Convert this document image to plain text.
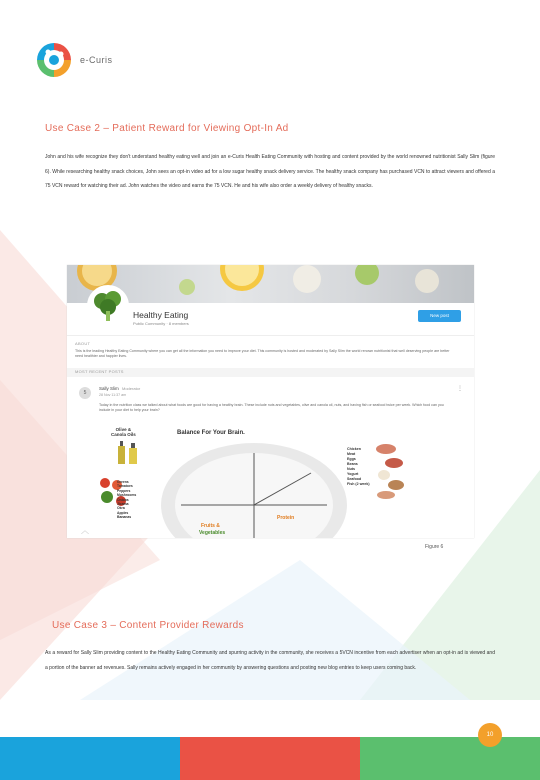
e-Curis
Use Case 2 – Patient Reward for Viewing Opt-In Ad

John and his wife recognize they don't understand healthy eating well and join an e-Curis Health Eating Community with hosting and content provided by the world renowned nutritionist Sally Slim (figure 6). While researching healthy snack choices, John sees an opt-in video ad for a low sugar healthy snack delivery service. The healthy snack company has purchased VCN to attract viewers and offered a 75 VCN reward for watching their ad. John watches the video and earns the 75 VCN. He and his wife also order a weekly delivery of healthy snacks.

Healthy Eating
Public Community · 8 members
New post
ABOUT
This is the leading Healthy Eating Community where you can get all the information you need to improve your diet. This community is hosted and moderated by Sally Slim the world renown nutritionist that well deserving people are better need healthier and happier lives.
MOST RECENT POSTS
5
Sally Slim Moderator
28 Nov 11:37 am
⋮
Today in the nutrition class we talked about what foods are good for having a healthy brain. These include nuts and vegetables, olive and canola oil, nuts, and having fish or seafood twice per week. Which food can you include in your diet to help your brain?
Balance For Your Brain.
Olive &
Canola Oils
Greens
Tomatoes
Peppers
Mushrooms
Onions
Jicama
Okra
Apples
Bananas
Fruits &
Vegetables
Protein
Chicken
Meat
Eggs
Beans
Nuts
Yogurt
Seafood
Fish (2 week)
︿
Figure 6
Use Case 3 – Content Provider Rewards

As a reward for Sally Slim providing content to the Healthy Eating Community and spurring activity in the community, she receives a 5VCN incentive from each advertiser when an opt-in ad is viewed and a portion of the banner ad revenues. Sally remains actively engaged in her community by answering questions and posting new blog entries to keep users coming back.

10
